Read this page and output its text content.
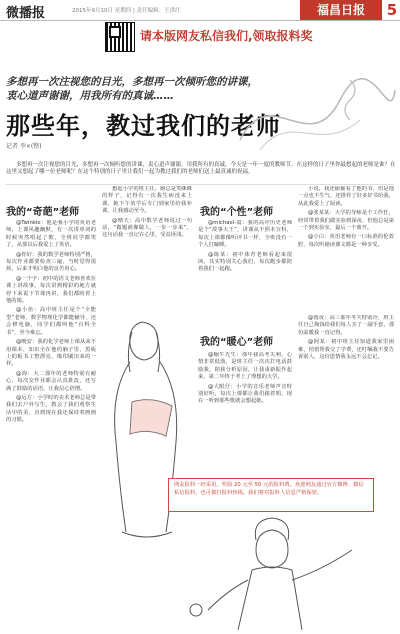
微播报	2015年9月10日 星期四 | 责任编辑：王洪红	福昌日报	5
请本版网友私信我们,领取报料奖
多想再一次注视您的目光，多想再一次倾听您的讲课，
衷心道声谢谢，用我所有的真诚……
那些年，教过我们的老师
记者 李×(整)
多想再一次注视您的目光，多想再一次倾听您的讲课，衷心道声谢谢，用我所有的真诚。今天是一年一度的教师节，在这样的日子里你最想起的老师是谁？在这里又想起了哪一位老师呢？在这个特别的日子里让我们一起为教过我们的老师们送上最真诚的祝福。
我的“奇葩”老师	我的“个性”老师
我的“暖心”老师

@Twinkle：他是我小学的英语老师，上课风趣幽默，有一次讲单词的时候突然唱起了歌，全班同学都笑了，从那以后我爱上了英语。

@你好：我的数学老师特别严格，每次作业都要检查三遍，当时觉得很烦，后来才明白他的良苦用心。

@一个字：初中的语文老师喜欢在课上讲故事，每次讲到精彩的地方就停下来说下节课再讲，我们都盼着上他的课。

@小鱼：高中班主任是个“全能型”老师，数学物理化学都能辅导，还会修电脑，同学们都叫他“百科全书”，至今难忘。

@晚安：我的化学老师上课从来不用课本，知识全在他的脑子里，黑板上的板书工整漂亮，像印刷出来的一样。

@海：大二那年的老师特别有耐心，每次交作业都会认真批改，还写满了鼓励的话语，让我信心倍增。

@远方：小学时的美术老师总是带我们去户外写生，教会了我们观察生活中的美，直到现在我还保持着画画的习惯。

想起小学的班主任，她总是笑眯眯的样子，记得有一次我生病没来上课，她下午放学后专门到家里给我补课，让我感动至今。

@晴天：高中数学老师说过一句话，“做题就像做人，一步一步来”，这句话我一直记在心里，受益匪浅。

@michael-翁：我的高中历史老师是个“故事大王”，讲课从不照本宣科，每次上课都像听评书一样，全班没有一个人打瞌睡。

@陈某：初中体育老师看起来很凶，其实特别关心我们，每次跑步都陪着我们一起跑。

小说，我还偷偷看了他的书，但是他一点也不生气，还推荐了好多好书给我，从此我爱上了阅读。

@张某某：大学的导师是个工作狂，经常带着我们做实验到深夜，但他总是第一个到实验室，最后一个离开。

@小白：英语老师有一口标准的伦敦腔，每次听她读课文都是一种享受。

@蜗牛先生：那年我高考失利，心情非常低落，是班主任一次次打电话鼓励我，陪我分析原因，让我重新振作起来，第二年终于考上了理想的大学。

@大眼仔：小学的音乐老师声音特别好听，每次上课都让我们跟着唱，现在一听到那些歌就会想起她。

@雨夜：高三那年冬天特别冷，班主任自己掏钱给我们每人买了一副手套，那份温暖我一直记得。

@阿某：初中班主任知道我家里困难，悄悄帮我交了学费，还叮嘱我不要告诉别人，这份恩情我永远不会忘记。

网友报料一经采用，奖励 20 元至 50 元的报料费。欢迎网友通过官方微博、微信私信报料，也可拨打报料热线。我们将对报料人信息严格保密。
